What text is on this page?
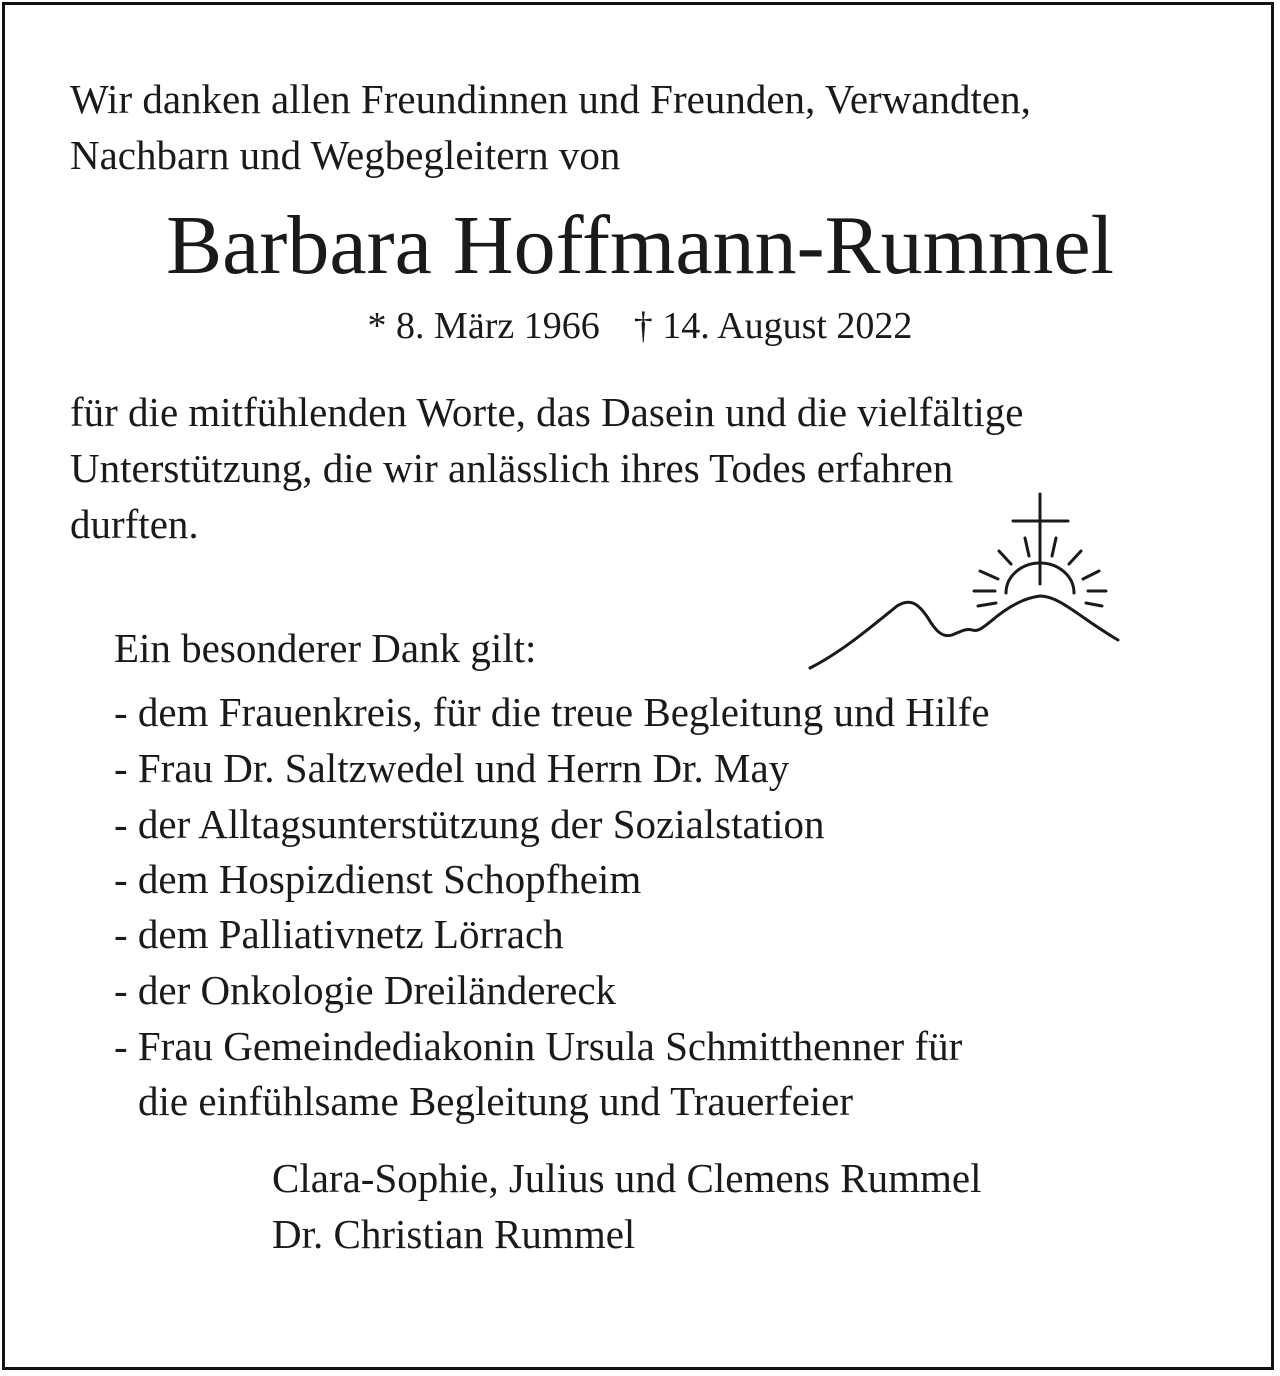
Wir danken allen Freundinnen und Freunden, Verwandten,
Nachbarn und Wegbegleitern von
Barbara Hoffmann-Rummel
* 8. März 1966 † 14. August 2022
für die mitfühlenden Worte, das Dasein und die vielfältige
Unterstützung, die wir anlässlich ihres Todes erfahren
durften.
Ein besonderer Dank gilt:
- dem Frauenkreis, für die treue Begleitung und Hilfe
- Frau Dr. Saltzwedel und Herrn Dr. May
- der Alltagsunterstützung der Sozialstation
- dem Hospizdienst Schopfheim
- dem Palliativnetz Lörrach
- der Onkologie Dreiländereck
- Frau Gemeindediakonin Ursula Schmitthenner für
die einfühlsame Begleitung und Trauerfeier
Clara-Sophie, Julius und Clemens Rummel
Dr. Christian Rummel
